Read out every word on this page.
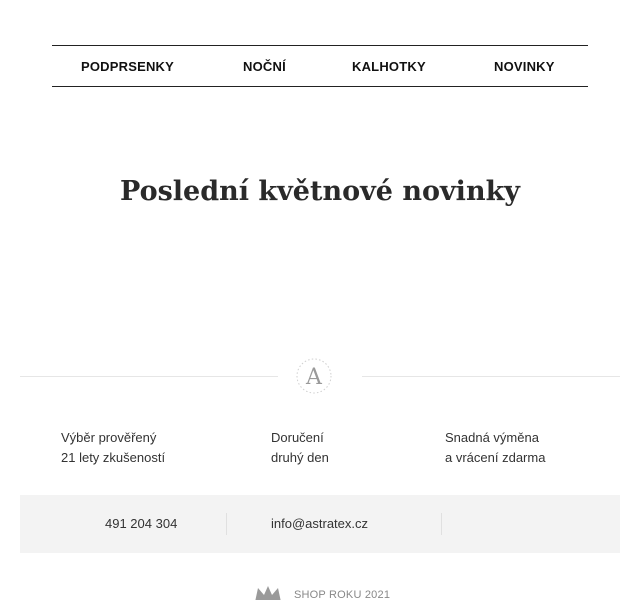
PODPRSENKY	NOČNÍ	KALHOTKY	NOVINKY
Poslední květnové novinky
A
Výběr prověřený
21 lety zkušeností
Doručení
druhý den
Snadná výměna
a vrácení zdarma
491 204 304	info@astratex.cz
SHOP ROKU 2021
